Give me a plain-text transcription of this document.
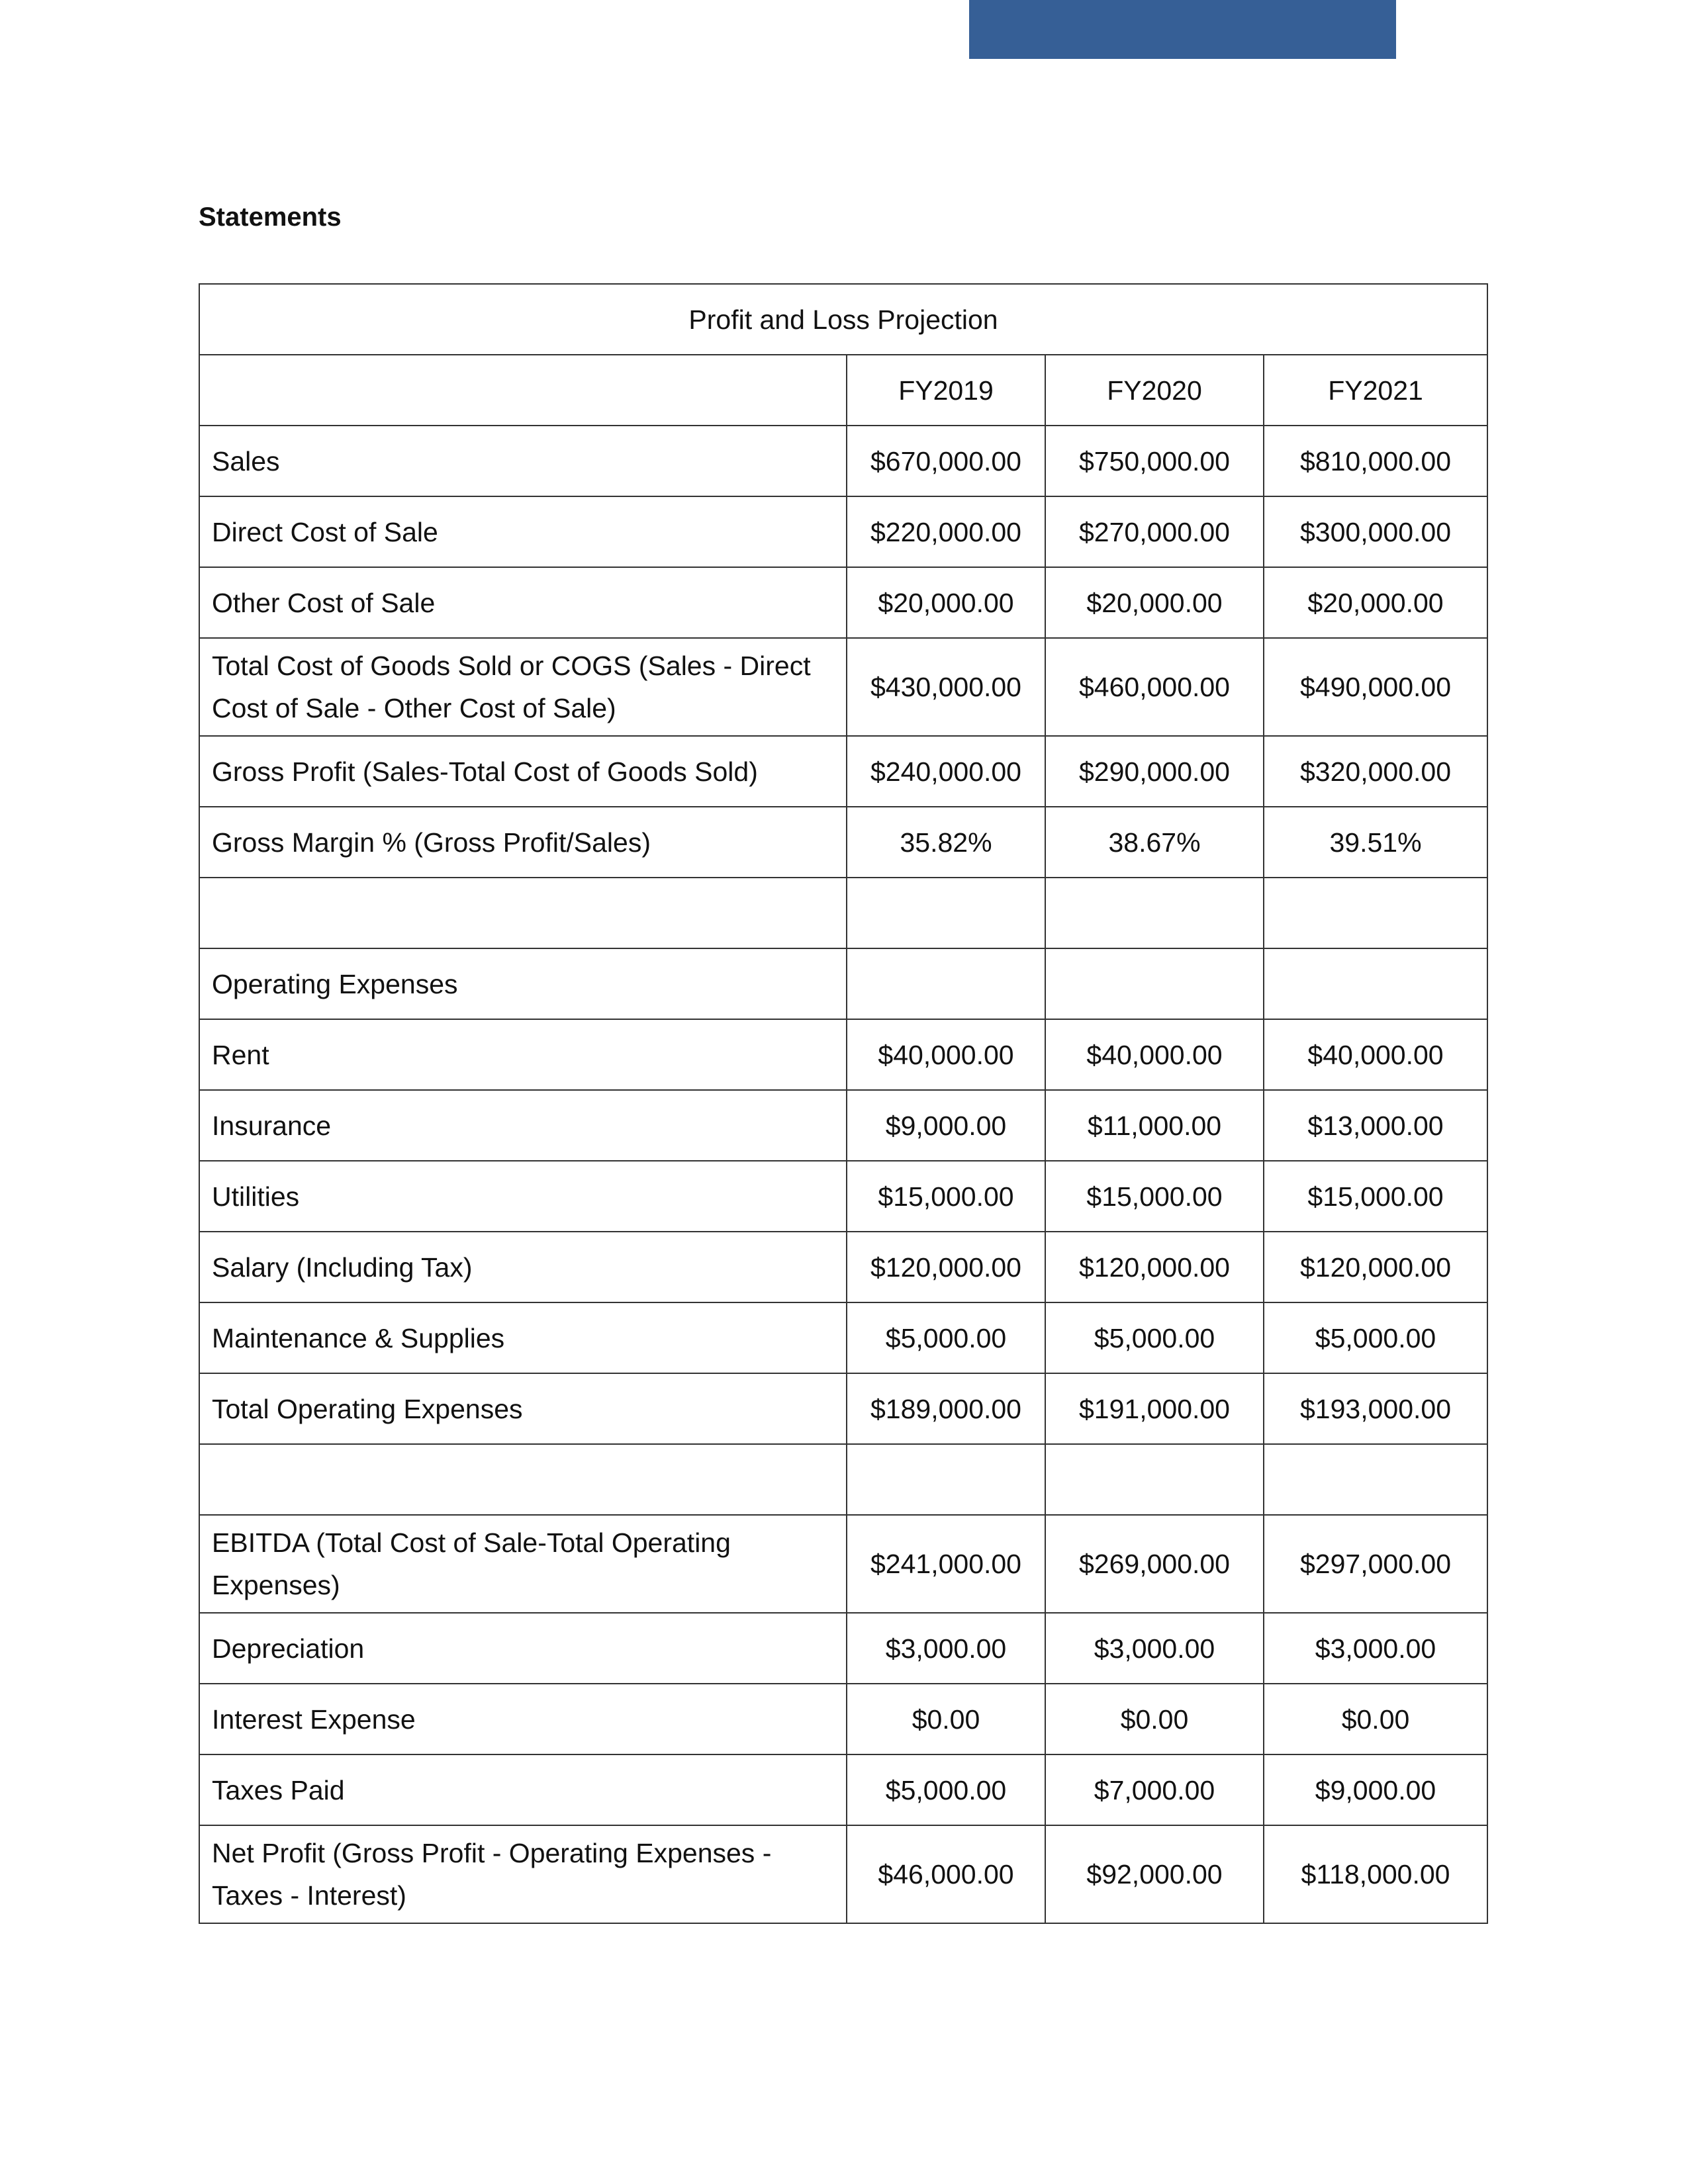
Statements
Profit and Loss Projection			
	FY2019	FY2020	FY2021
Sales	$670,000.00	$750,000.00	$810,000.00
Direct Cost of Sale	$220,000.00	$270,000.00	$300,000.00
Other Cost of Sale	$20,000.00	$20,000.00	$20,000.00
Total Cost of Goods Sold or COGS (Sales - Direct Cost of Sale - Other Cost of Sale)	$430,000.00	$460,000.00	$490,000.00
Gross Profit (Sales-Total Cost of Goods Sold)	$240,000.00	$290,000.00	$320,000.00
Gross Margin % (Gross Profit/Sales)	35.82%	38.67%	39.51%

Operating Expenses			
Rent	$40,000.00	$40,000.00	$40,000.00
Insurance	$9,000.00	$11,000.00	$13,000.00
Utilities	$15,000.00	$15,000.00	$15,000.00
Salary (Including Tax)	$120,000.00	$120,000.00	$120,000.00
Maintenance & Supplies	$5,000.00	$5,000.00	$5,000.00
Total Operating Expenses	$189,000.00	$191,000.00	$193,000.00

EBITDA (Total Cost of Sale-Total Operating Expenses)	$241,000.00	$269,000.00	$297,000.00
Depreciation	$3,000.00	$3,000.00	$3,000.00
Interest Expense	$0.00	$0.00	$0.00
Taxes Paid	$5,000.00	$7,000.00	$9,000.00
Net Profit (Gross Profit - Operating Expenses - Taxes - Interest)	$46,000.00	$92,000.00	$118,000.00
